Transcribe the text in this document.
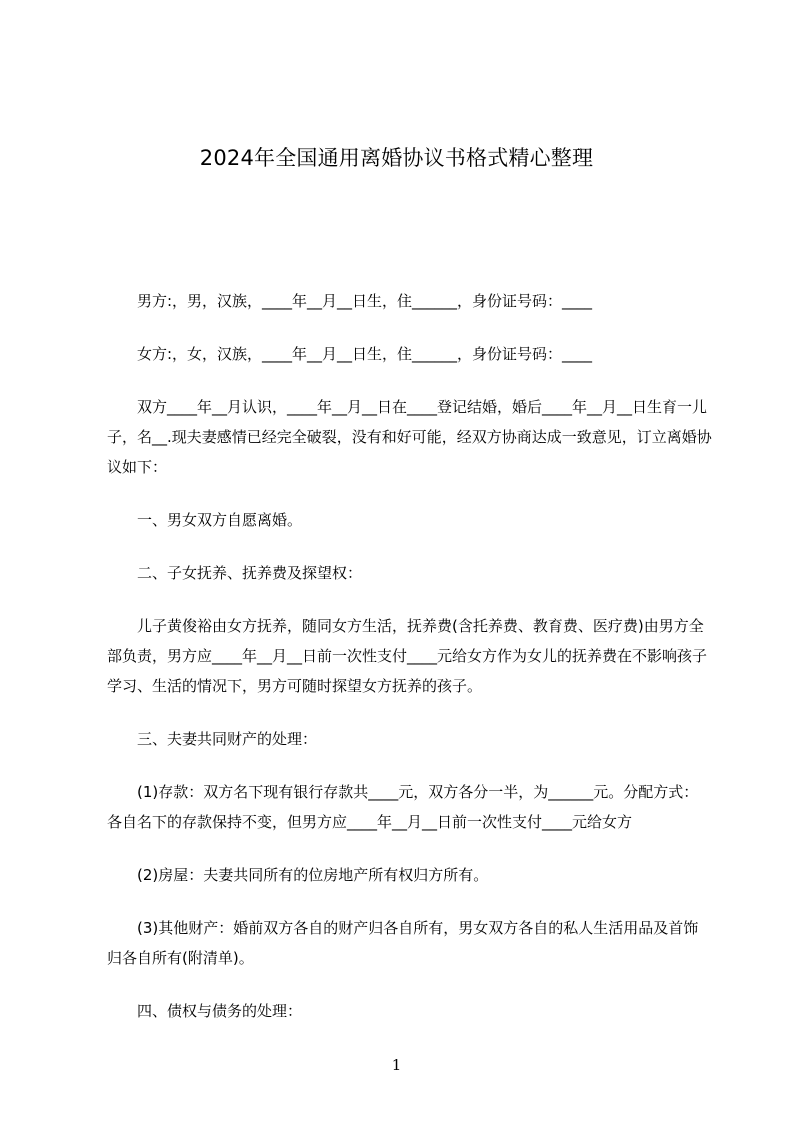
2024年全国通用离婚协议书格式精心整理

男方:，男，汉族，____年__月__日生，住______，身份证号码：____

女方:，女，汉族，____年__月__日生，住______，身份证号码：____

双方____年__月认识，____年__月__日在____登记结婚，婚后____年__月__日生育一儿子，名__.现夫妻感情已经完全破裂，没有和好可能，经双方协商达成一致意见，订立离婚协议如下：

一、男女双方自愿离婚。

二、子女抚养、抚养费及探望权：

儿子黄俊裕由女方抚养，随同女方生活，抚养费(含托养费、教育费、医疗费)由男方全部负责，男方应____年__月__日前一次性支付____元给女方作为女儿的抚养费在不影响孩子学习、生活的情况下，男方可随时探望女方抚养的孩子。

三、夫妻共同财产的处理：

(1)存款：双方名下现有银行存款共____元，双方各分一半，为______元。分配方式：各自名下的存款保持不变，但男方应____年__月__日前一次性支付____元给女方

(2)房屋：夫妻共同所有的位房地产所有权归方所有。

(3)其他财产：婚前双方各自的财产归各自所有，男女双方各自的私人生活用品及首饰归各自所有(附清单)。

四、债权与债务的处理：

1
